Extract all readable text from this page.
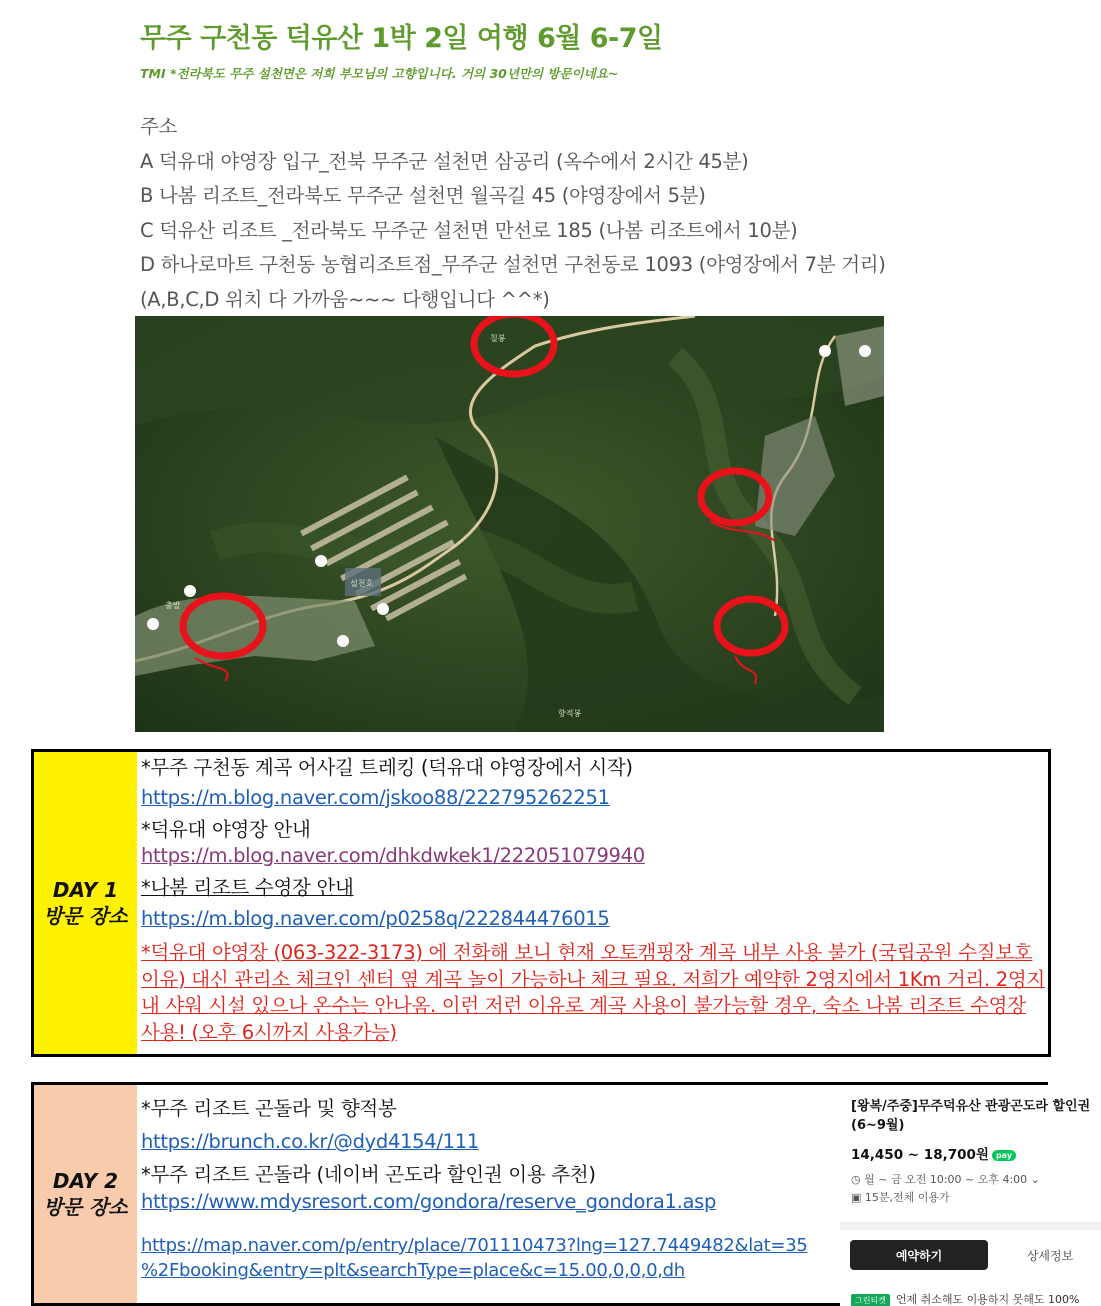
무주 구천동 덕유산 1박 2일 여행 6월 6-7일
TMI *전라북도 무주 설천면은 저희 부모님의 고향입니다. 거의 30년만의 방문이네요~
주소
A 덕유대 야영장 입구_전북 무주군 설천면 삼공리 (옥수에서 2시간 45분)
B 나봄 리조트_전라북도 무주군 설천면 월곡길 45 (야영장에서 5분)
C 덕유산 리조트 _전라북도 무주군 설천면 만선로 185 (나봄 리조트에서 10분)
D 하나로마트 구천동 농협리조트점_무주군 설천면 구천동로 1093 (야영장에서 7분 거리)
(A,B,C,D 위치 다 가까움~~~ 다행입니다 ^^*)
칠봉
설천호
향적봉
출발
DAY 1
방문 장소
*무주 구천동 계곡 어사길 트레킹 (덕유대 야영장에서 시작)
https://m.blog.naver.com/jskoo88/222795262251
*덕유대 야영장 안내
https://m.blog.naver.com/dhkdwkek1/222051079940
*나봄 리조트 수영장 안내
https://m.blog.naver.com/p0258q/222844476015
*덕유대 야영장 (063-322-3173) 에 전화해 보니 현재 오토캠핑장 계곡 내부 사용 불가 (국립공원 수질보호 이유) 대신 관리소 체크인 센터 옆 계곡 놀이 가능하나 체크 필요. 저희가 예약한 2영지에서 1Km 거리. 2영지 내 샤워 시설 있으나 온수는 안나옴. 이런 저런 이유로 계곡 사용이 불가능할 경우, 숙소 나봄 리조트 수영장 사용! (오후 6시까지 사용가능)
DAY 2
방문 장소
*무주 리조트 곤돌라 및 향적봉
https://brunch.co.kr/@dyd4154/111
*무주 리조트 곤돌라 (네이버 곤도라 할인권 이용 추천)
https://www.mdysresort.com/gondora/reserve_gondora1.asp
https://map.naver.com/p/entry/place/701110473?lng=127.7449482&lat=35
%2Fbooking&entry=plt&searchType=place&c=15.00,0,0,0,dh
[왕복/주중]무주덕유산 관광곤도라 할인권(6~9월)
14,450 ~ 18,700원 pay
◷ 월 ~ 금 오전 10:00 ~ 오후 4:00 ⌄
▣ 15분,전체 이용가
예약하기	상세정보
그린티켓 언제 취소해도 이용하지 못해도 100%
